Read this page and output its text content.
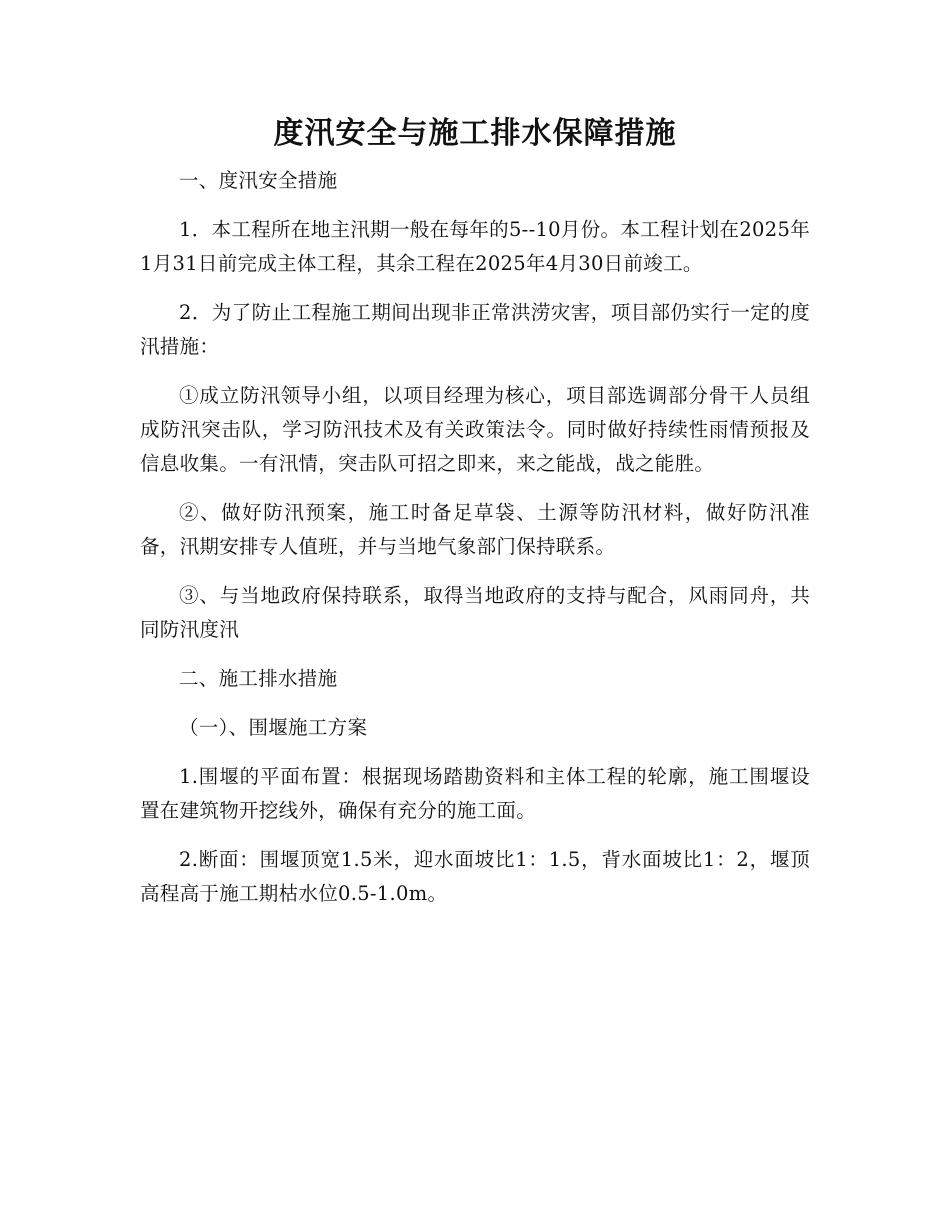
度汛安全与施工排水保障措施

一、度汛安全措施

1．本工程所在地主汛期一般在每年的5--10月份。本工程计划在2025年1月31日前完成主体工程，其余工程在2025年4月30日前竣工。

2．为了防止工程施工期间出现非正常洪涝灾害，项目部仍实行一定的度汛措施：

①成立防汛领导小组，以项目经理为核心，项目部选调部分骨干人员组成防汛突击队，学习防汛技术及有关政策法令。同时做好持续性雨情预报及信息收集。一有汛情，突击队可招之即来，来之能战，战之能胜。

②、做好防汛预案，施工时备足草袋、土源等防汛材料，做好防汛准备，汛期安排专人值班，并与当地气象部门保持联系。

③、与当地政府保持联系，取得当地政府的支持与配合，风雨同舟，共同防汛度汛

二、施工排水措施

（一）、围堰施工方案

1.围堰的平面布置：根据现场踏勘资料和主体工程的轮廓，施工围堰设置在建筑物开挖线外，确保有充分的施工面。

2.断面：围堰顶宽1.5米，迎水面坡比1：1.5，背水面坡比1：2，堰顶高程高于施工期枯水位0.5-1.0m。
